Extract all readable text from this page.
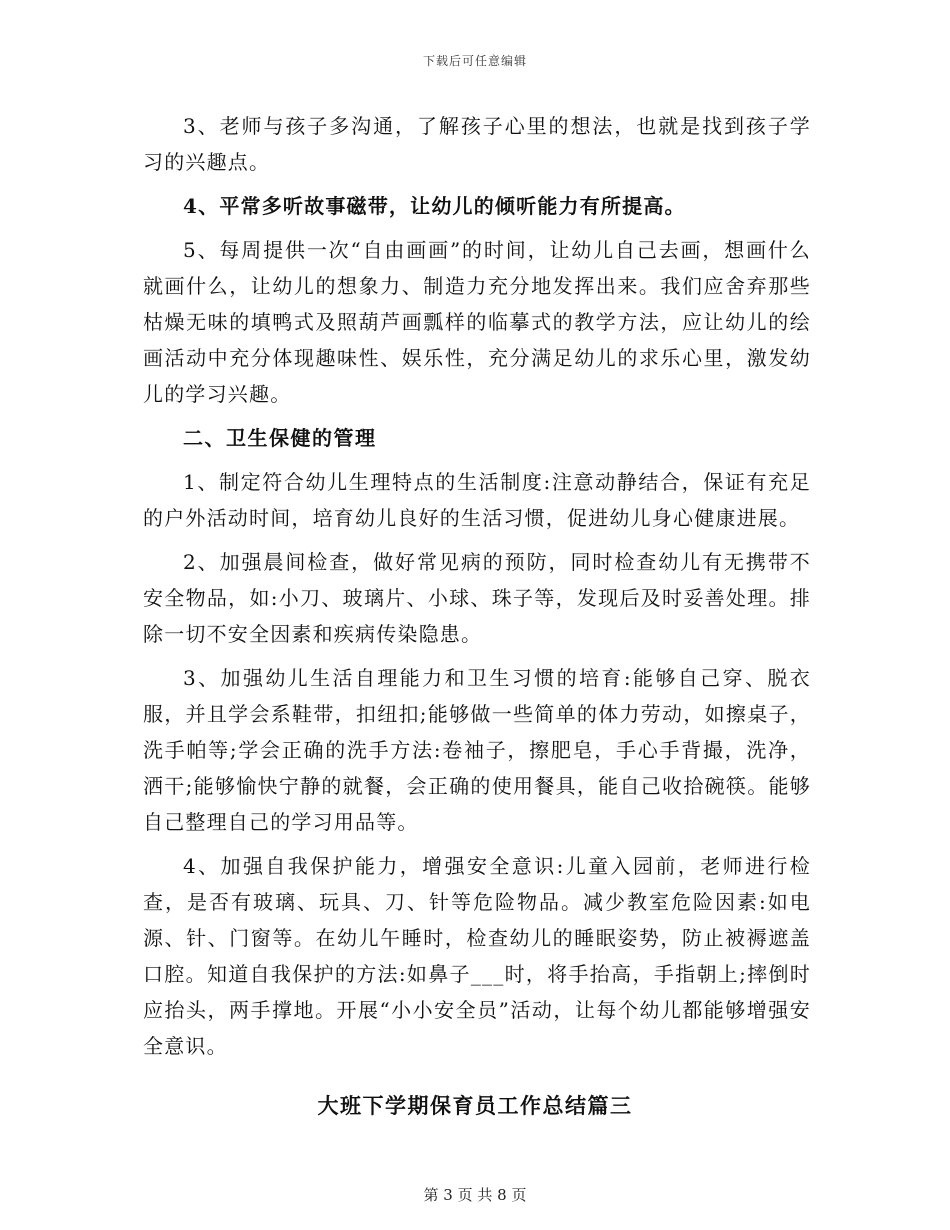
下载后可任意编辑

3、老师与孩子多沟通，了解孩子心里的想法，也就是找到孩子学习的兴趣点。

4、平常多听故事磁带，让幼儿的倾听能力有所提高。

5、每周提供一次“自由画画”的时间，让幼儿自己去画，想画什么就画什么，让幼儿的想象力、制造力充分地发挥出来。我们应舍弃那些枯燥无味的填鸭式及照葫芦画瓢样的临摹式的教学方法，应让幼儿的绘画活动中充分体现趣味性、娱乐性，充分满足幼儿的求乐心里，激发幼儿的学习兴趣。

二、卫生保健的管理

1、制定符合幼儿生理特点的生活制度:注意动静结合，保证有充足的户外活动时间，培育幼儿良好的生活习惯，促进幼儿身心健康进展。

2、加强晨间检查，做好常见病的预防，同时检查幼儿有无携带不安全物品，如:小刀、玻璃片、小球、珠子等，发现后及时妥善处理。排除一切不安全因素和疾病传染隐患。

3、加强幼儿生活自理能力和卫生习惯的培育:能够自己穿、脱衣服，并且学会系鞋带，扣纽扣;能够做一些简单的体力劳动，如擦桌子，洗手帕等;学会正确的洗手方法:卷袖子，擦肥皂，手心手背撮，洗净，洒干;能够愉快宁静的就餐，会正确的使用餐具，能自己收拾碗筷。能够自己整理自己的学习用品等。

4、加强自我保护能力，增强安全意识:儿童入园前，老师进行检查，是否有玻璃、玩具、刀、针等危险物品。减少教室危险因素:如电源、针、门窗等。在幼儿午睡时，检查幼儿的睡眠姿势，防止被褥遮盖口腔。知道自我保护的方法:如鼻子___时，将手抬高，手指朝上;摔倒时应抬头，两手撑地。开展“小小安全员”活动，让每个幼儿都能够增强安全意识。

大班下学期保育员工作总结篇三
第 3 页 共 8 页
